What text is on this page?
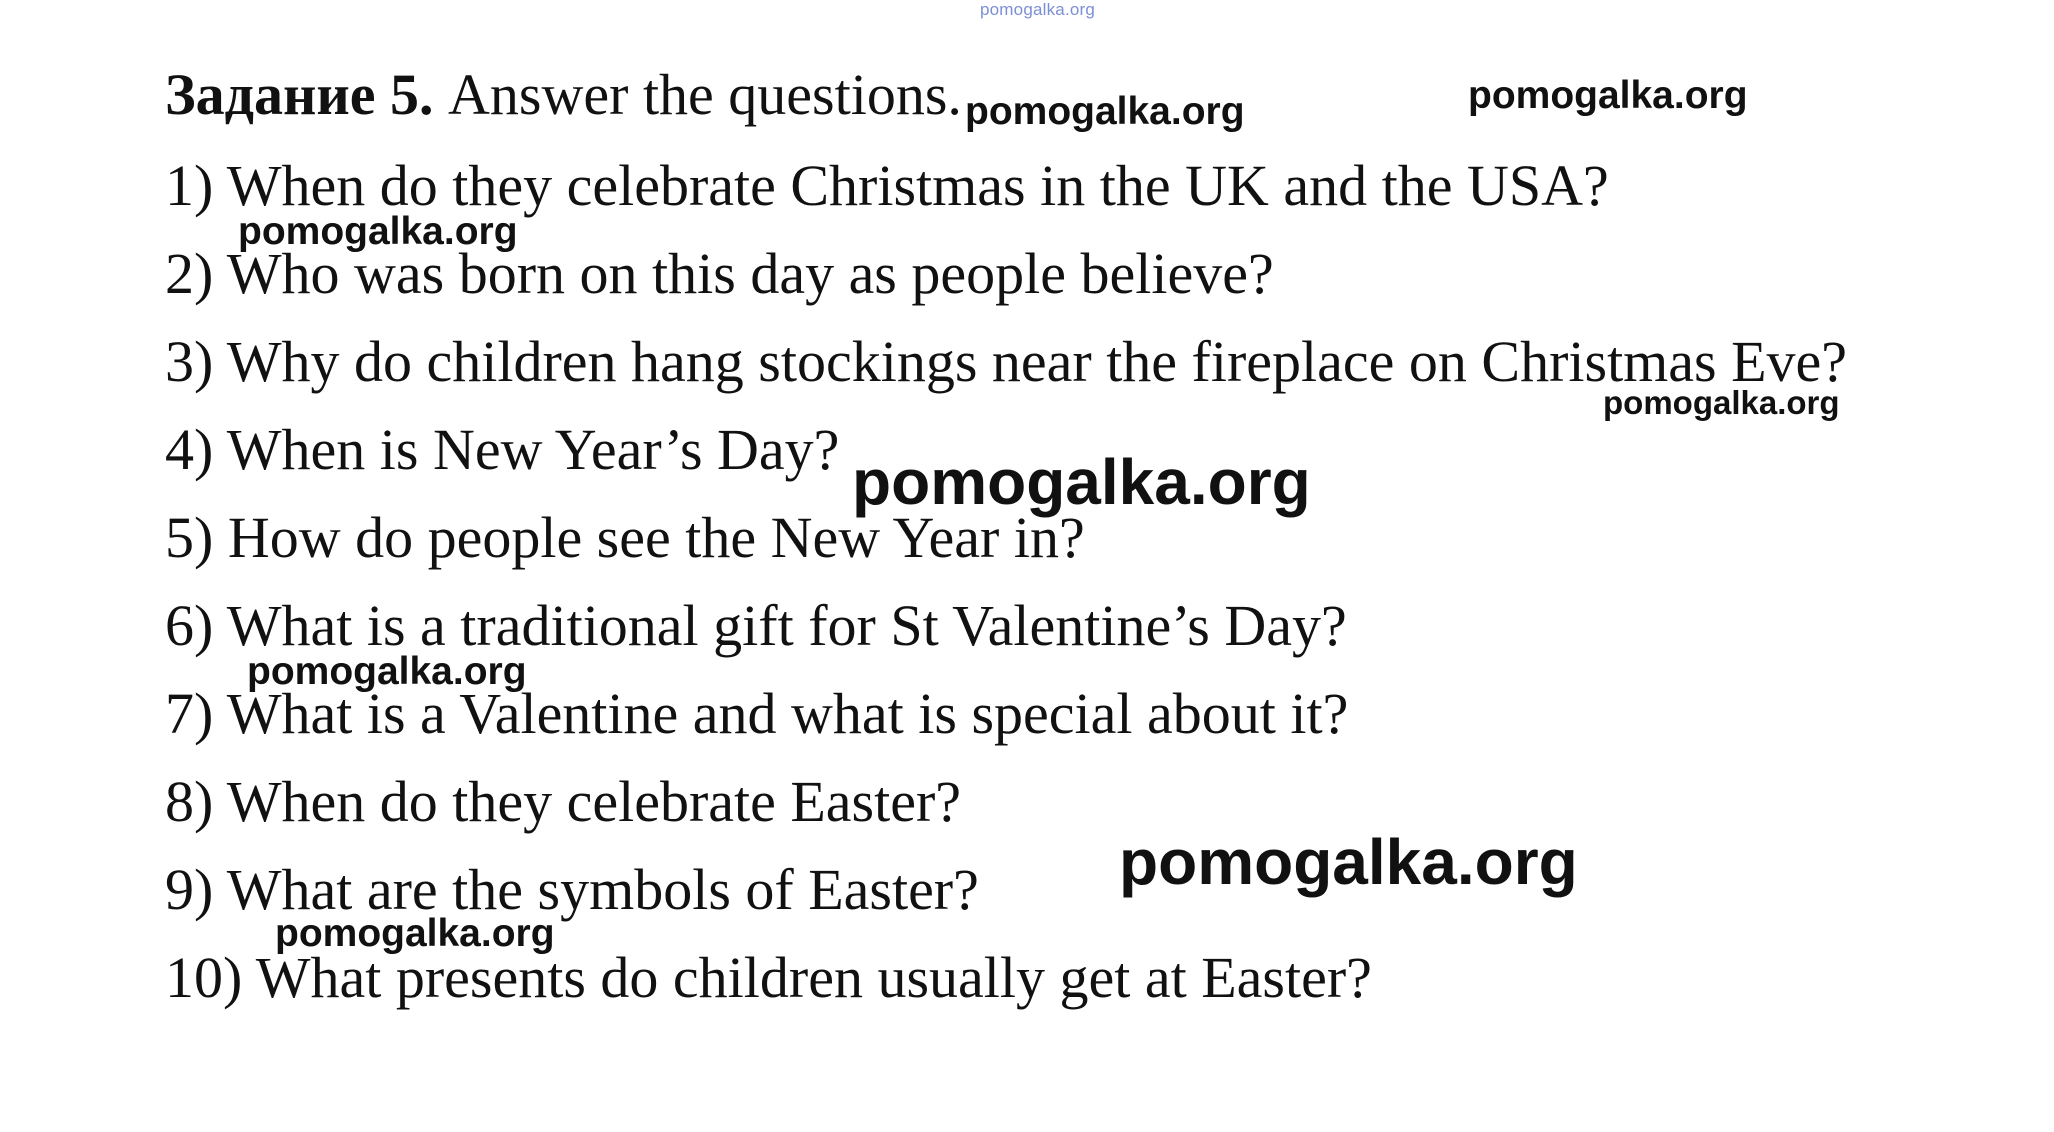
pomogalka.org
Задание 5. Answer the questions.
1) When do they celebrate Christmas in the UK and the USA?
2) Who was born on this day as people believe?
3) Why do children hang stockings near the fireplace on Christmas Eve?
4) When is New Year’s Day?
5) How do people see the New Year in?
6) What is a traditional gift for St Valentine’s Day?
7) What is a Valentine and what is special about it?
8) When do they celebrate Easter?
9) What are the symbols of Easter?
10) What presents do children usually get at Easter?
pomogalka.org	pomogalka.org
pomogalka.org
pomogalka.org
pomogalka.org
pomogalka.org
pomogalka.org
pomogalka.org
